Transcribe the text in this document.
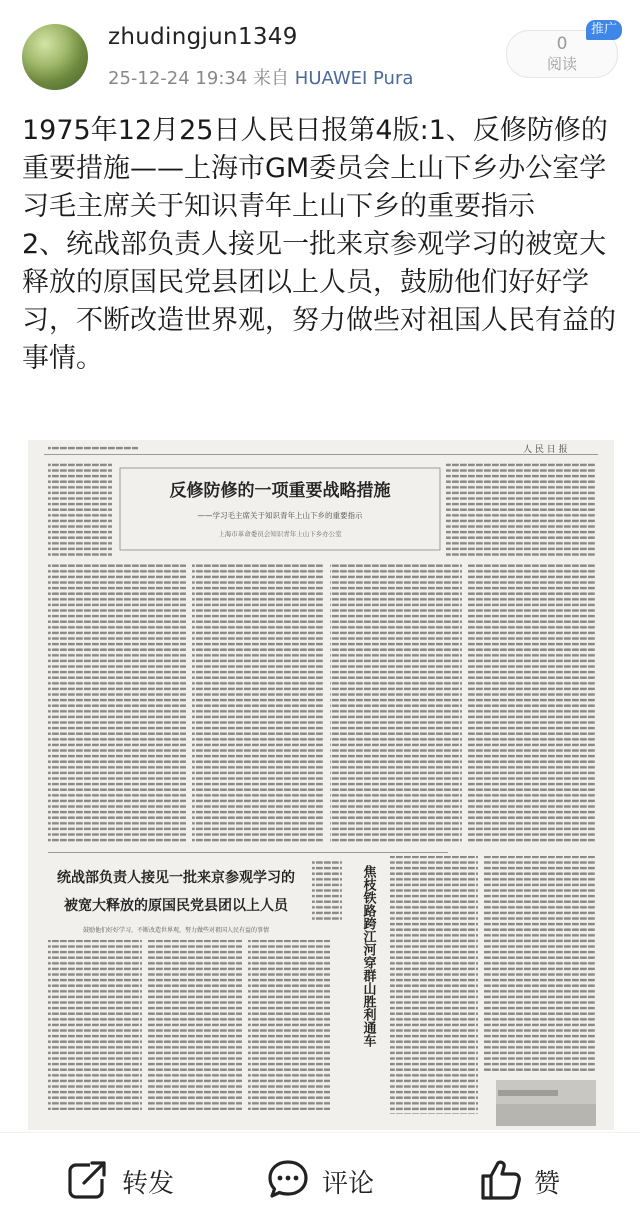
zhudingjun1349
25-12-24 19:34 来自 HUAWEI Pura
0
阅读
推广
1975年12月25日人民日报第4版:1、反修防修的重要措施——上海市GM委员会上山下乡办公室学习毛主席关于知识青年上山下乡的重要指示
2、统战部负责人接见一批来京参观学习的被宽大释放的原国民党县团以上人员，鼓励他们好好学习，不断改造世界观，努力做些对祖国人民有益的事情。
人 民 日 报
反修防修的一项重要战略措施
——学习毛主席关于知识青年上山下乡的重要指示
上海市革命委员会知识青年上山下乡办公室
统战部负责人接见一批来京参观学习的
被宽大释放的原国民党县团以上人员
鼓励他们好好学习，不断改造世界观，努力做些对祖国人民有益的事情	焦枝铁路跨江河穿群山胜利通车
转发	评论	赞
